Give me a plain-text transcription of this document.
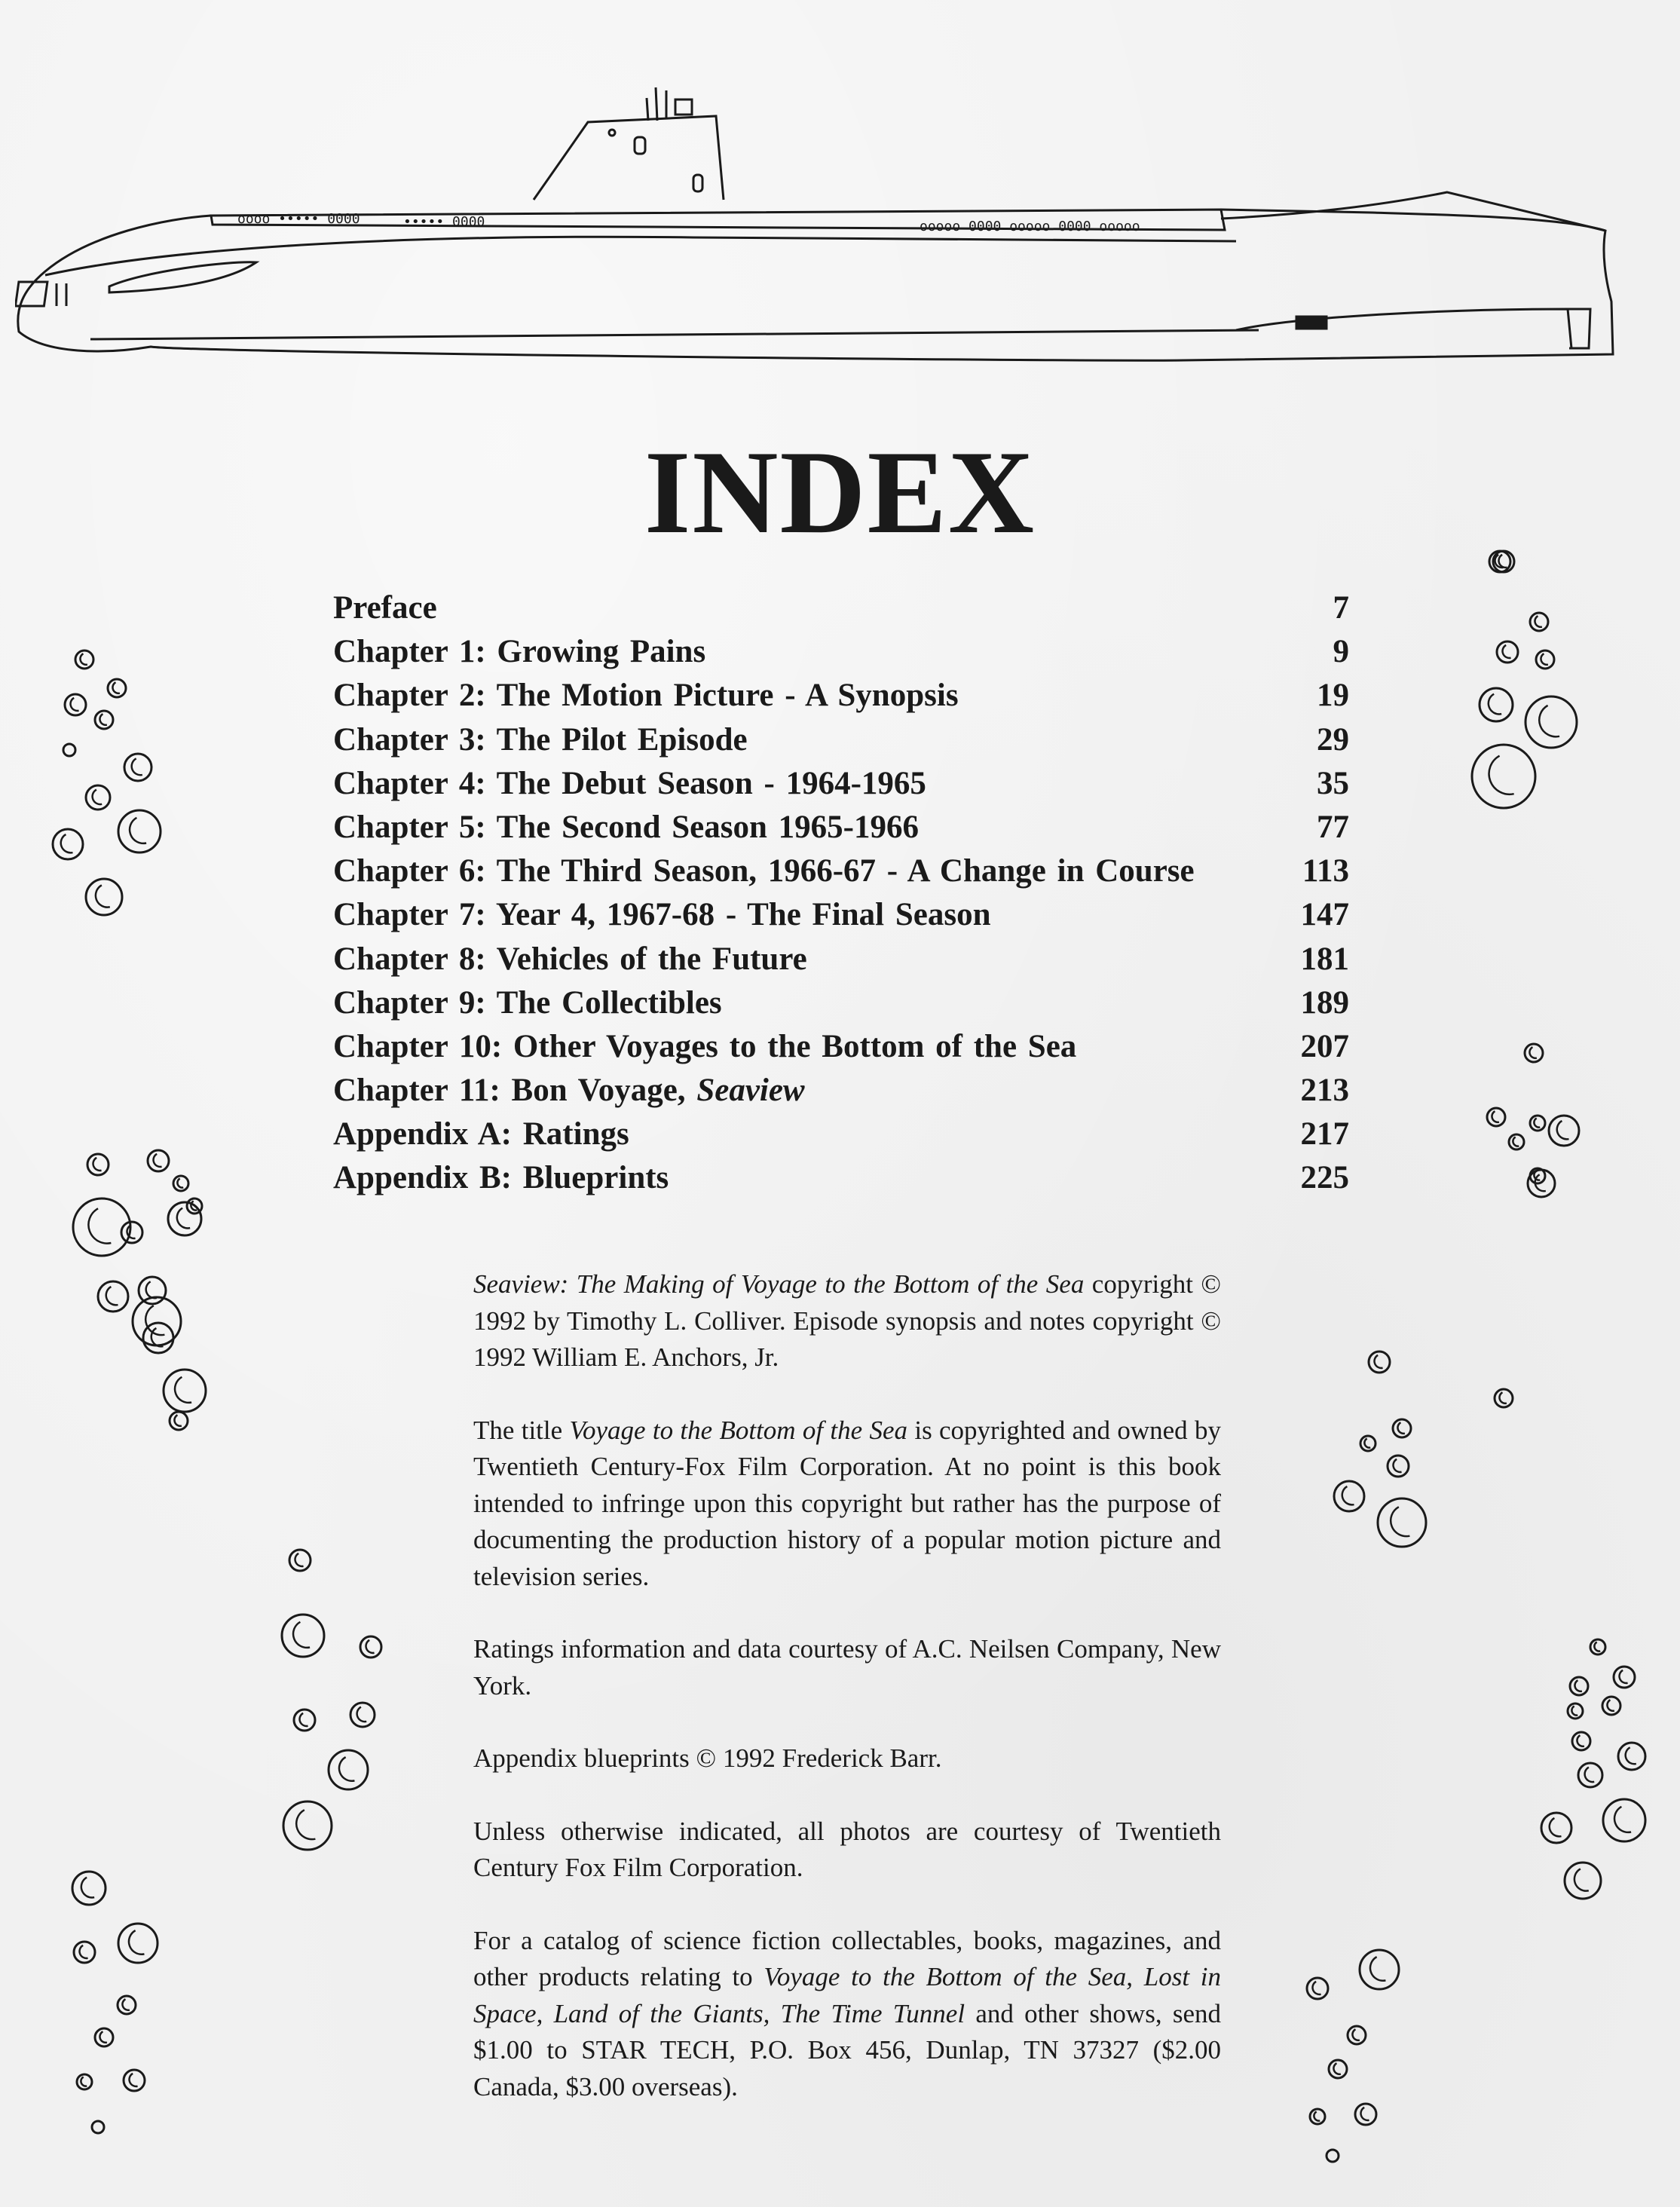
oooo ••••• 0000	••••• 0000	ooooo 0000 ooooo 0000 ooooo
INDEX
Preface	7
Chapter 1: Growing Pains	9
Chapter 2: The Motion Picture - A Synopsis	19
Chapter 3: The Pilot Episode	29
Chapter 4: The Debut Season - 1964-1965	35
Chapter 5: The Second Season 1965-1966	77
Chapter 6: The Third Season, 1966-67 - A Change in Course	113
Chapter 7: Year 4, 1967-68 - The Final Season	147
Chapter 8: Vehicles of the Future	181
Chapter 9: The Collectibles	189
Chapter 10: Other Voyages to the Bottom of the Sea	207
Chapter 11: Bon Voyage, Seaview	213
Appendix A: Ratings	217
Appendix B: Blueprints	225

Seaview: The Making of Voyage to the Bottom of the Sea copyright © 1992 by Timothy L. Colliver. Episode synopsis and notes copyright © 1992 William E. Anchors, Jr.

The title Voyage to the Bottom of the Sea is copyrighted and owned by Twentieth Century-Fox Film Corporation. At no point is this book intended to infringe upon this copyright but rather has the purpose of documenting the production history of a popular motion picture and television series.

Ratings information and data courtesy of A.C. Neilsen Company, New York.

Appendix blueprints © 1992 Frederick Barr.

Unless otherwise indicated, all photos are courtesy of Twentieth Century Fox Film Corporation.

For a catalog of science fiction collectables, books, magazines, and other products relating to Voyage to the Bottom of the Sea, Lost in Space, Land of the Giants, The Time Tunnel and other shows, send $1.00 to STAR TECH, P.O. Box 456, Dunlap, TN 37327 ($2.00 Canada, $3.00 overseas).
